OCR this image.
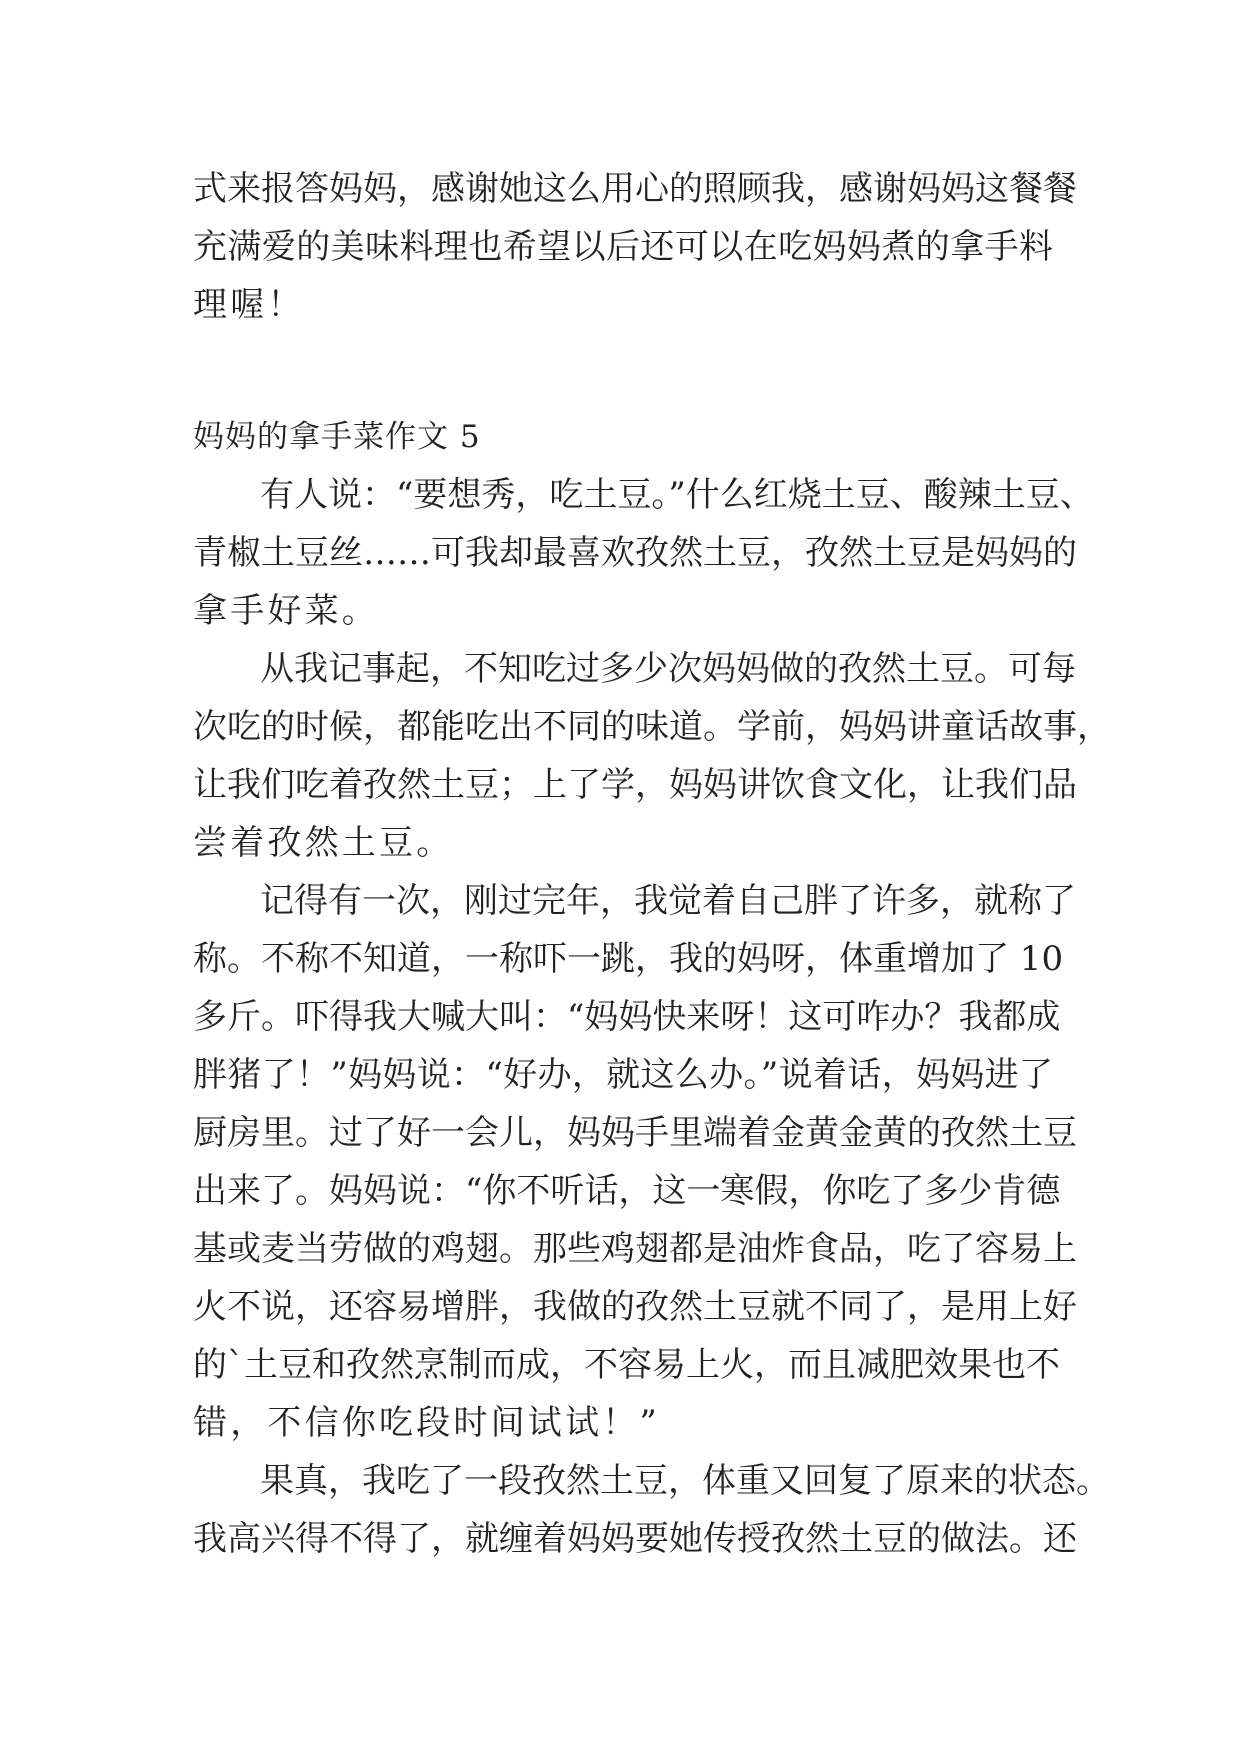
式来报答妈妈，感谢她这么用心的照顾我，感谢妈妈这餐餐
充满爱的美味料理也希望以后还可以在吃妈妈煮的拿手料
理喔！
妈妈的拿手菜作文 5
有人说：“要想秀，吃土豆。”什么红烧土豆、酸辣土豆、
青椒土豆丝……可我却最喜欢孜然土豆，孜然土豆是妈妈的
拿手好菜。
从我记事起，不知吃过多少次妈妈做的孜然土豆。可每
次吃的时候，都能吃出不同的味道。学前，妈妈讲童话故事，
让我们吃着孜然土豆；上了学，妈妈讲饮食文化，让我们品
尝着孜然土豆。
记得有一次，刚过完年，我觉着自己胖了许多，就称了
称。不称不知道，一称吓一跳，我的妈呀，体重增加了 10
多斤。吓得我大喊大叫：“妈妈快来呀！这可咋办？我都成
胖猪了！”妈妈说：“好办，就这么办。”说着话，妈妈进了
厨房里。过了好一会儿，妈妈手里端着金黄金黄的孜然土豆
出来了。妈妈说：“你不听话，这一寒假，你吃了多少肯德
基或麦当劳做的鸡翅。那些鸡翅都是油炸食品，吃了容易上
火不说，还容易增胖，我做的孜然土豆就不同了，是用上好
的`土豆和孜然烹制而成，不容易上火，而且减肥效果也不
错，不信你吃段时间试试！”
果真，我吃了一段孜然土豆，体重又回复了原来的状态。
我高兴得不得了，就缠着妈妈要她传授孜然土豆的做法。还
